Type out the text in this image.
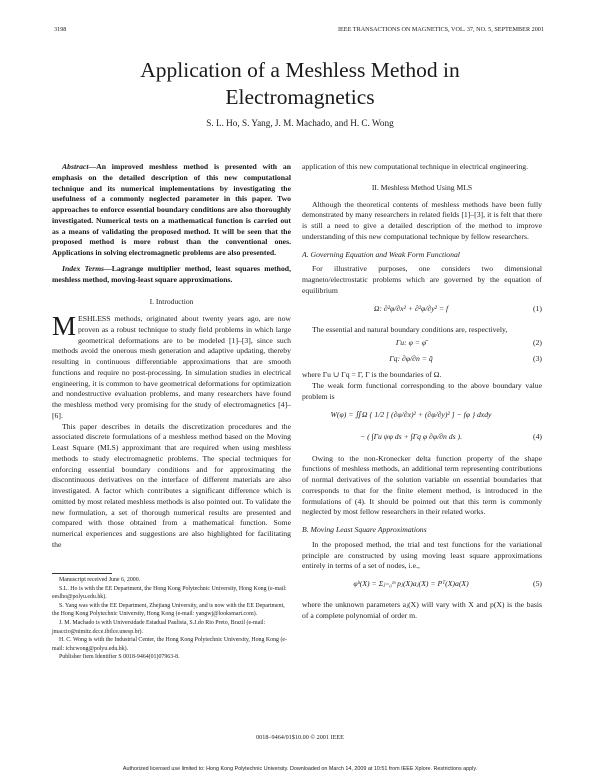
3198	IEEE TRANSACTIONS ON MAGNETICS, VOL. 37, NO. 5, SEPTEMBER 2001
Application of a Meshless Method in
Electromagnetics
S. L. Ho, S. Yang, J. M. Machado, and H. C. Wong

Abstract—An improved meshless method is presented with an emphasis on the detailed description of this new computational technique and its numerical implementations by investigating the usefulness of a commonly neglected parameter in this paper. Two approaches to enforce essential boundary conditions are also thoroughly investigated. Numerical tests on a mathematical function is carried out as a means of validating the proposed method. It will be seen that the proposed method is more robust than the conventional ones. Applications in solving electromagnetic problems are also presented.

Index Terms—Lagrange multiplier method, least squares method, meshless method, moving-least square approximations.

I. Introduction

MESHLESS methods, originated about twenty years ago, are now proven as a robust technique to study field problems in which large geometrical deformations are to be modeled [1]–[3], since such methods avoid the onerous mesh generation and adaptive updating, thereby resulting in continuous differentiable approximations that are smooth functions and require no post-processing. In simulation studies in electrical engineering, it is common to have geometrical deformations for optimization and nondestructive evaluation problems, and many researchers have found the meshless method very promising for the study of electromagnetics [4]–[6].

This paper describes in details the discretization procedures and the associated discrete formulations of a meshless method based on the Moving Least Square (MLS) approximant that are required when using meshless methods to study electromagnetic problems. The special techniques for enforcing essential boundary conditions and for approximating the discontinuous derivatives on the interface of different materials are also investigated. A factor which contributes a significant difference which is omitted by most related meshless methods is also pointed out. To validate the new formulation, a set of thorough numerical results are presented and compared with those obtained from a mathematical function. Some numerical experiences and suggestions are also highlighted for facilitating the

Manuscript received June 6, 2000.

S.L. Ho is with the EE Department, the Hong Kong Polytechnic University, Hong Kong (e-mail: eeslho@polyu.edu.hk).

S. Yang was with the EE Department, Zhejiang University, and is now with the EE Department, the Hong Kong Polytechnic University, Hong Kong (e-mail: yangwj@looksmart.com).

J. M. Machado is with Universidade Estadual Paulista, S.J.do Rio Preto, Brazil (e-mail: jmaccio@nimitz.dcce.ibilce.unesp.br).

H. C. Wong is with the Industrial Center, the Hong Kong Polytechnic University, Hong Kong (e-mail: ichcwong@polyu.edu.hk).

Publisher Item Identifier S 0018-9464(01)07963-8.

application of this new computational technique in electrical engineering.

II. Meshless Method Using MLS

Although the theoretical contents of meshless methods have been fully demonstrated by many researchers in related fields [1]–[3], it is felt that there is still a need to give a detailed description of the method to improve understanding of this new computational technique by fellow researchers.

A. Governing Equation and Weak Form Functional

For illustrative purposes, one considers two dimensional magneto/electrostatic problems which are governed by the equation of equilibrium

Ω: ∂²φ/∂x² + ∂²φ/∂y² = f	(1)

The essential and natural boundary conditions are, respectively,

Γu: φ = φ̄	(2)
Γq: ∂φ/∂n = q̄	(3)

where Γu ∪ Γq = Γ, Γ is the boundaries of Ω.

The weak form functional corresponding to the above boundary value problem is

W(φ) = ∬Ω { 1/2 [ (∂φ/∂x)² + (∂φ/∂y)² ] − fφ } dxdy
− ( ∫Γu ψφ ds + ∫Γq φ ∂φ/∂n ds ).	(4)

Owing to the non-Kronecker delta function property of the shape functions of meshless methods, an additional term representing contributions of normal derivatives of the solution variable on essential boundaries that corresponds to that for the finite element method, is introduced in the formulations of (4). It should be pointed out that this term is commonly neglected by most fellow researchers in their related works.

B. Moving Least Square Approximations

In the proposed method, the trial and test functions for the variational principle are constructed by using moving least square approximations entirely in terms of a set of nodes, i.e.,

φʰ(X) = Σⱼ₌₀ᵐ pⱼ(X)aⱼ(X) = Pᵀ(X)a(X)	(5)

where the unknown parameters aⱼ(X) will vary with X and p(X) is the basis of a complete polynomial of order m.

0018–9464/01$10.00 © 2001 IEEE
Authorized licensed use limited to: Hong Kong Polytechnic University. Downloaded on March 14, 2009 at 10:51 from IEEE Xplore. Restrictions apply.
